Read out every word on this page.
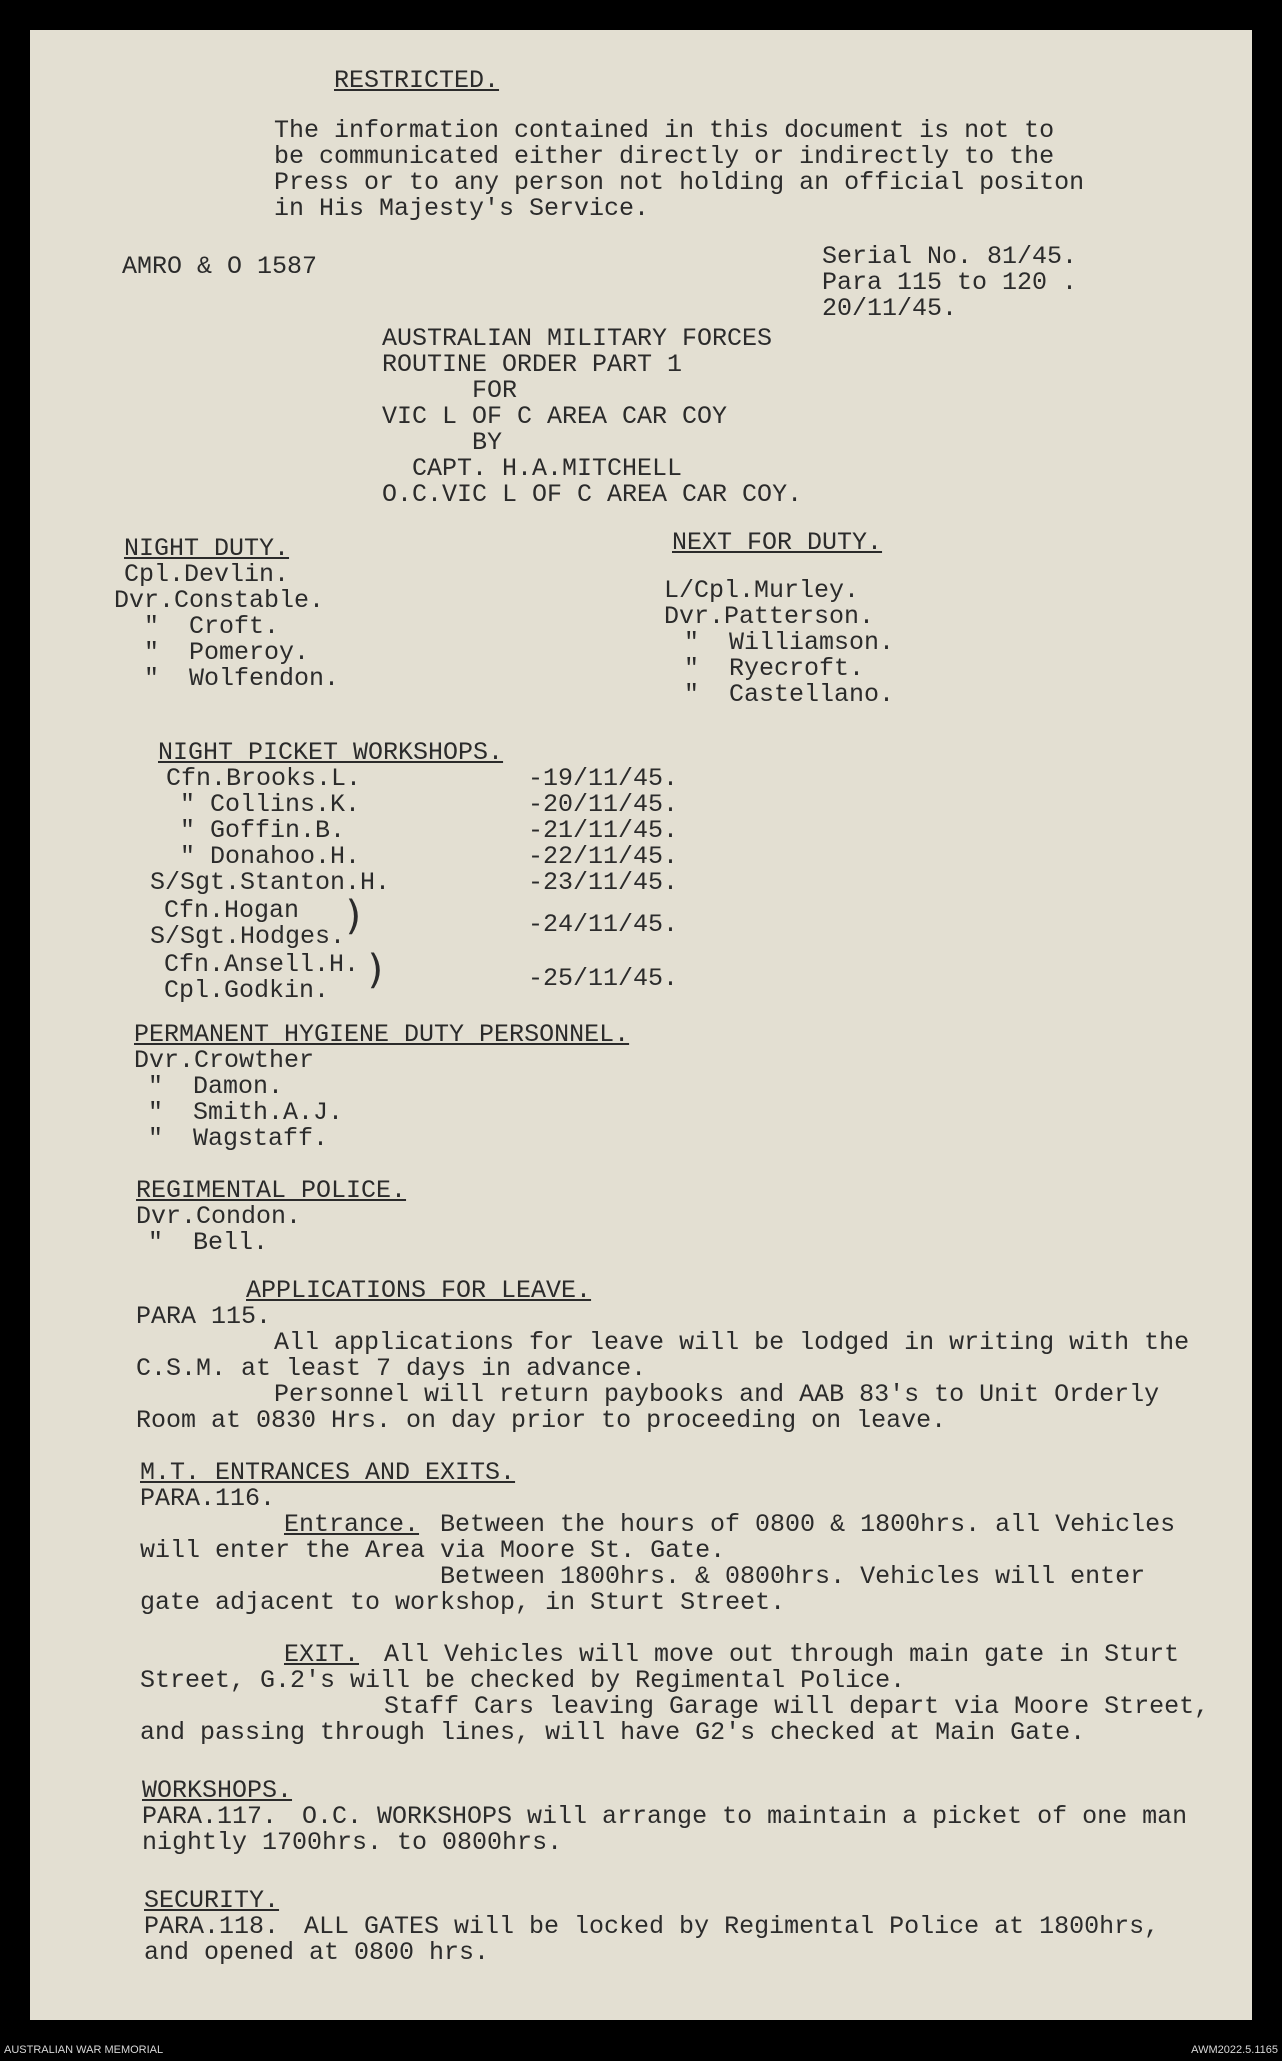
RESTRICTED.
The information contained in this document is not to
be communicated either directly or indirectly to the
Press or to any person not holding an official positon
in His Majesty's Service.
AMRO & O 1587	Serial No. 81/45.
Para 115 to 120 .
20/11/45.
AUSTRALIAN MILITARY FORCES
ROUTINE ORDER PART 1
FOR
VIC L OF C AREA CAR COY
BY
CAPT. H.A.MITCHELL
O.C.VIC L OF C AREA CAR COY.
NIGHT DUTY.
Cpl.Devlin.
Dvr.Constable.
"  Croft.
"  Pomeroy.
"  Wolfendon.
NEXT FOR DUTY.
L/Cpl.Murley.
Dvr.Patterson.
"  Williamson.
"  Ryecroft.
"  Castellano.
NIGHT PICKET WORKSHOPS.
Cfn.Brooks.L.
" Collins.K.
" Goffin.B.
" Donahoo.H.
S/Sgt.Stanton.H.
Cfn.Hogan
S/Sgt.Hodges.
Cfn.Ansell.H.
Cpl.Godkin.
)
)
-19/11/45.
-20/11/45.
-21/11/45.
-22/11/45.
-23/11/45.
-24/11/45.
-25/11/45.
PERMANENT HYGIENE DUTY PERSONNEL.
Dvr.Crowther
"  Damon.
"  Smith.A.J.
"  Wagstaff.
REGIMENTAL POLICE.
Dvr.Condon.
"  Bell.
APPLICATIONS FOR LEAVE.
PARA 115.
All applications for leave will be lodged in writing with the
C.S.M. at least 7 days in advance.
Personnel will return paybooks and AAB 83's to Unit Orderly
Room at 0830 Hrs. on day prior to proceeding on leave.
M.T. ENTRANCES AND EXITS.
PARA.116.
Entrance. Between the hours of 0800 & 1800hrs. all Vehicles
will enter the Area via Moore St. Gate.
Between 1800hrs. & 0800hrs. Vehicles will enter
gate adjacent to workshop, in Sturt Street.
EXIT. All Vehicles will move out through main gate in Sturt
Street, G.2's will be checked by Regimental Police.
Staff Cars leaving Garage will depart via Moore Street,
and passing through lines, will have G2's checked at Main Gate.
WORKSHOPS.
PARA.117. O.C. WORKSHOPS will arrange to maintain a picket of one man
nightly 1700hrs. to 0800hrs.
SECURITY.
PARA.118. ALL GATES will be locked by Regimental Police at 1800hrs,
and opened at 0800 hrs.
AUSTRALIAN WAR MEMORIAL	AWM2022.5.1165
